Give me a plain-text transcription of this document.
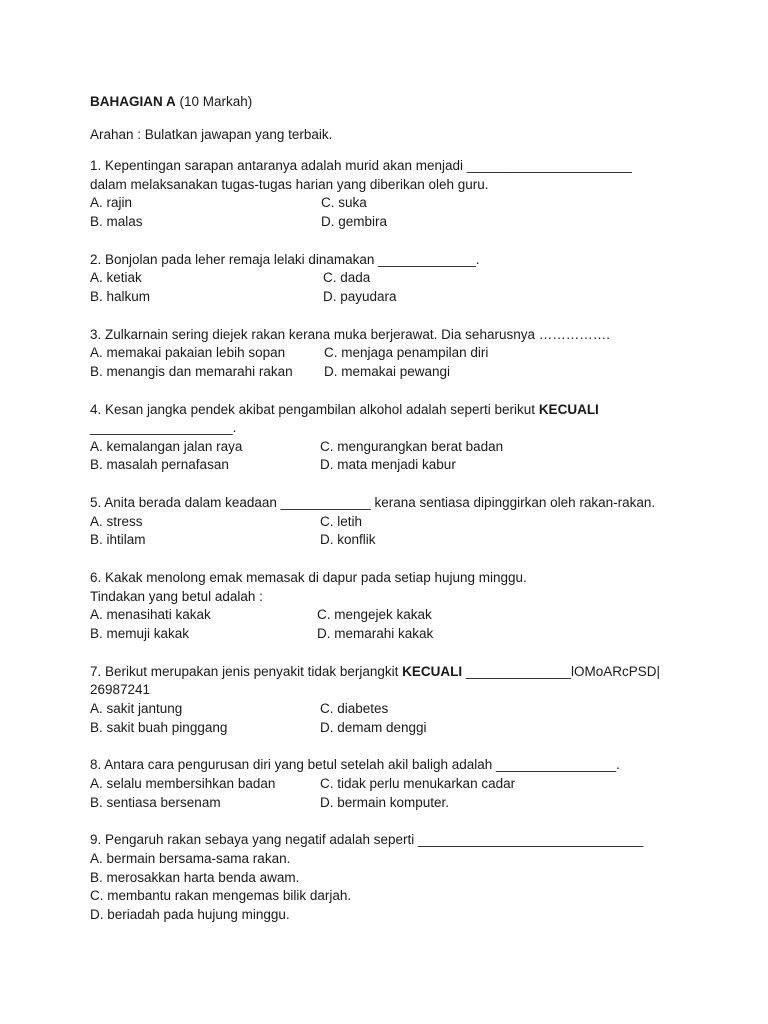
BAHAGIAN A (10 Markah)
Arahan : Bulatkan jawapan yang terbaik.
1. Kepentingan sarapan antaranya adalah murid akan menjadi ______________________
dalam melaksanakan tugas-tugas harian yang diberikan oleh guru.
A. rajin	C. suka
B. malas	D. gembira
2. Bonjolan pada leher remaja lelaki dinamakan _____________.
A. ketiak	C. dada
B. halkum	D. payudara
3. Zulkarnain sering diejek rakan kerana muka berjerawat. Dia seharusnya …………….
A. memakai pakaian lebih sopan	C. menjaga penampilan diri
B. menangis dan memarahi rakan D. memakai pewangi
4. Kesan jangka pendek akibat pengambilan alkohol adalah seperti berikut KECUALI
___________________.
A. kemalangan jalan raya	C. mengurangkan berat badan
B. masalah pernafasan	D. mata menjadi kabur
5. Anita berada dalam keadaan ____________ kerana sentiasa dipinggirkan oleh rakan-rakan.
A. stress	C. letih
B. ihtilam	D. konflik
6. Kakak menolong emak memasak di dapur pada setiap hujung minggu.
Tindakan yang betul adalah :
A. menasihati kakak	C. mengejek kakak
B. memuji kakak	D. memarahi kakak
7. Berikut merupakan jenis penyakit tidak berjangkit KECUALI ______________lOMoARcPSD|
26987241
A. sakit jantung	C. diabetes
B. sakit buah pinggang	D. demam denggi
8. Antara cara pengurusan diri yang betul setelah akil baligh adalah ________________.
A. selalu membersihkan badan	C. tidak perlu menukarkan cadar
B. sentiasa bersenam	D. bermain komputer.
9. Pengaruh rakan sebaya yang negatif adalah seperti ______________________________
A. bermain bersama-sama rakan.
B. merosakkan harta benda awam.
C. membantu rakan mengemas bilik darjah.
D. beriadah pada hujung minggu.
